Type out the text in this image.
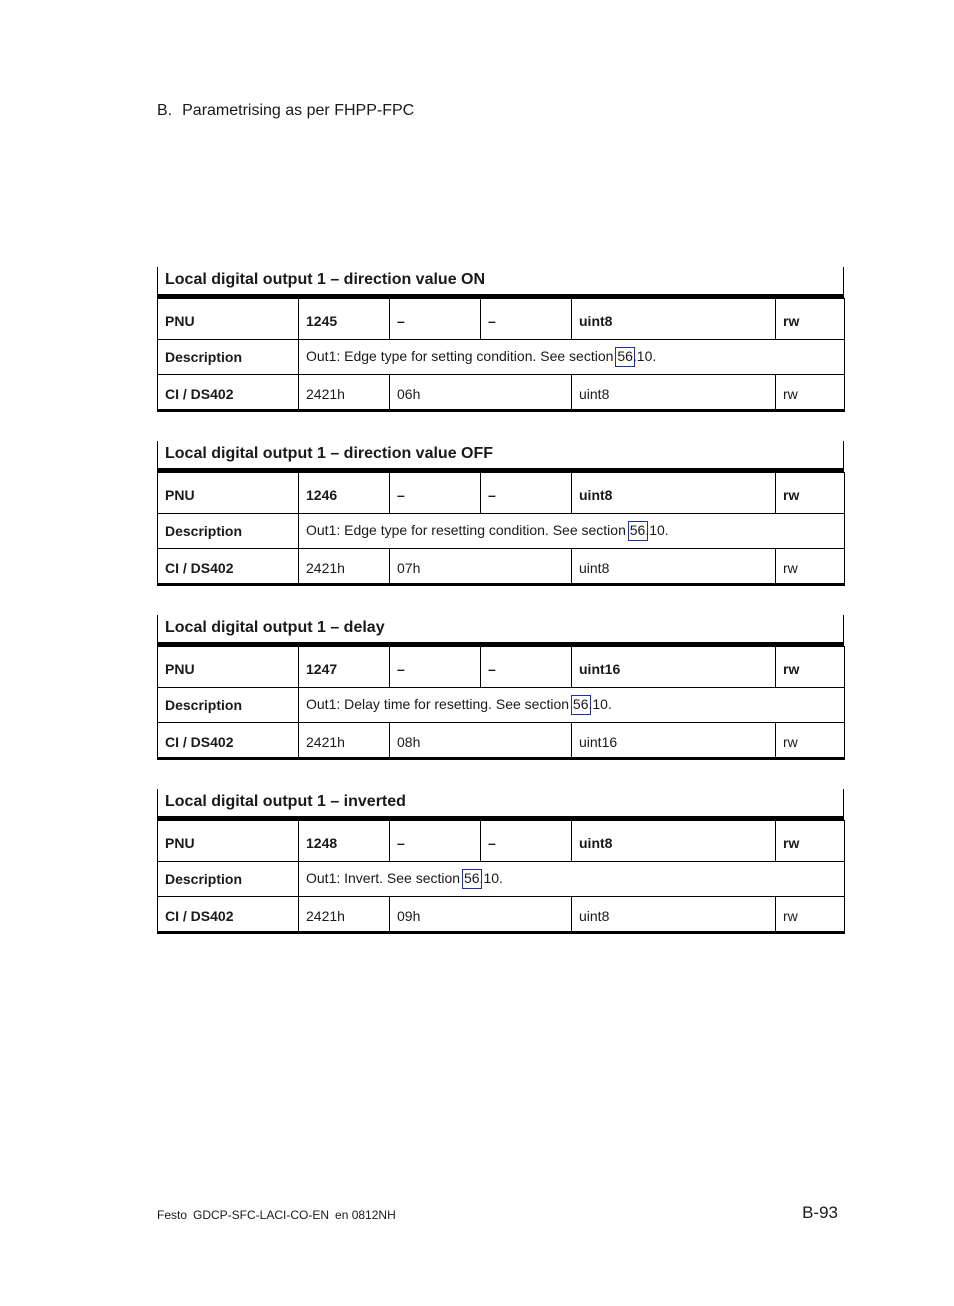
B. Parametrising as per FHPP-FPC
Local digital output 1 – direction value ON
PNU	1245	–	–	uint8	rw
Description	Out1: Edge type for setting condition. See section 56.10.				
CI / DS402	2421h	06h		uint8	rw
Local digital output 1 – direction value OFF
PNU	1246	–	–	uint8	rw
Description	Out1: Edge type for resetting condition. See section 56.10.				
CI / DS402	2421h	07h		uint8	rw
Local digital output 1 – delay
PNU	1247	–	–	uint16	rw
Description	Out1: Delay time for resetting. See section 56.10.				
CI / DS402	2421h	08h		uint16	rw
Local digital output 1 – inverted
PNU	1248	–	–	uint8	rw
Description	Out1: Invert. See section 56.10.				
CI / DS402	2421h	09h		uint8	rw
Festo GDCP-SFC-LACI-CO-EN en 0812NH	B-93
